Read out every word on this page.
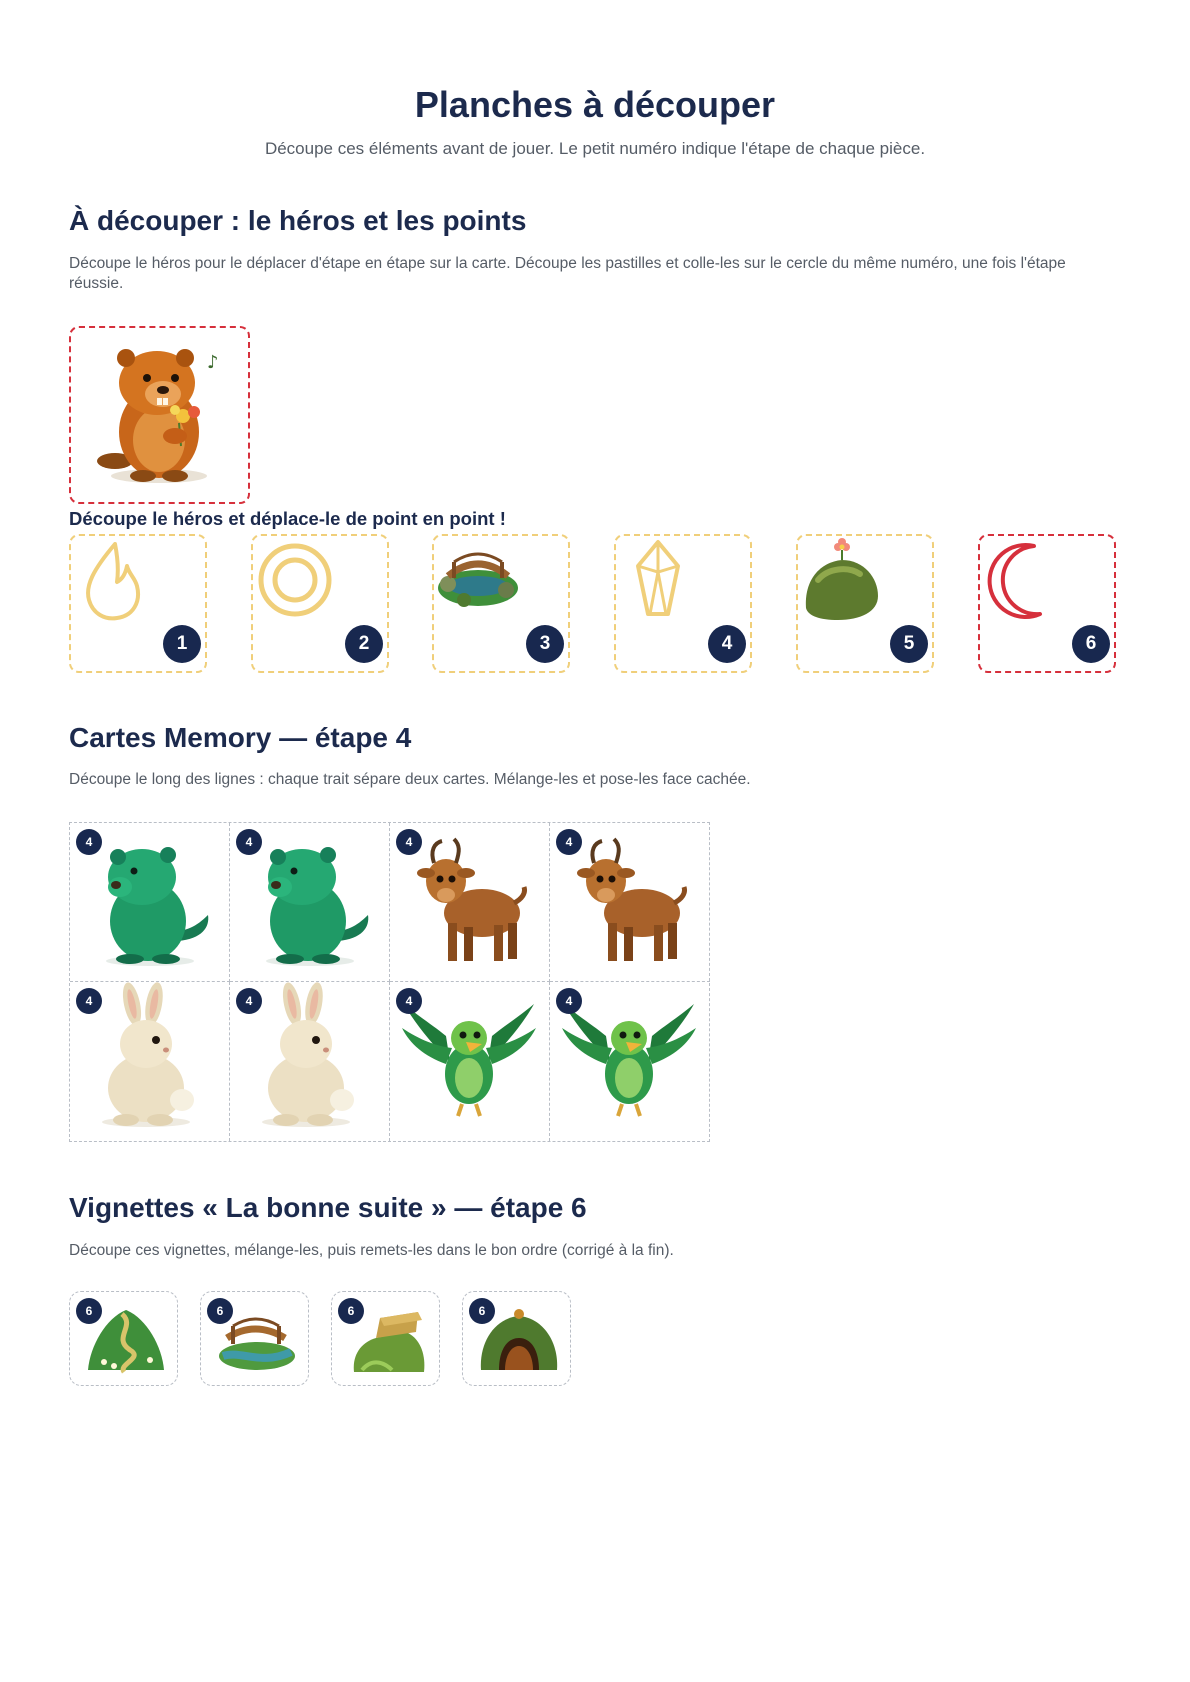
Planches à découper

Découpe ces éléments avant de jouer. Le petit numéro indique l'étape de chaque pièce.

À découper : le héros et les points

Découpe le héros pour le déplacer d'étape en étape sur la carte. Découpe les pastilles et colle-les sur le cercle du même numéro, une fois l'étape réussie.

♪

Découpe le héros et déplace-le de point en point !

1	2	3	4	5	6
Cartes Memory — étape 4

Découpe le long des lignes : chaque trait sépare deux cartes. Mélange-les et pose-les face cachée.

4	4	4	4
4	4	4	4
Vignettes « La bonne suite » — étape 6

Découpe ces vignettes, mélange-les, puis remets-les dans le bon ordre (corrigé à la fin).

6	6	6	6
